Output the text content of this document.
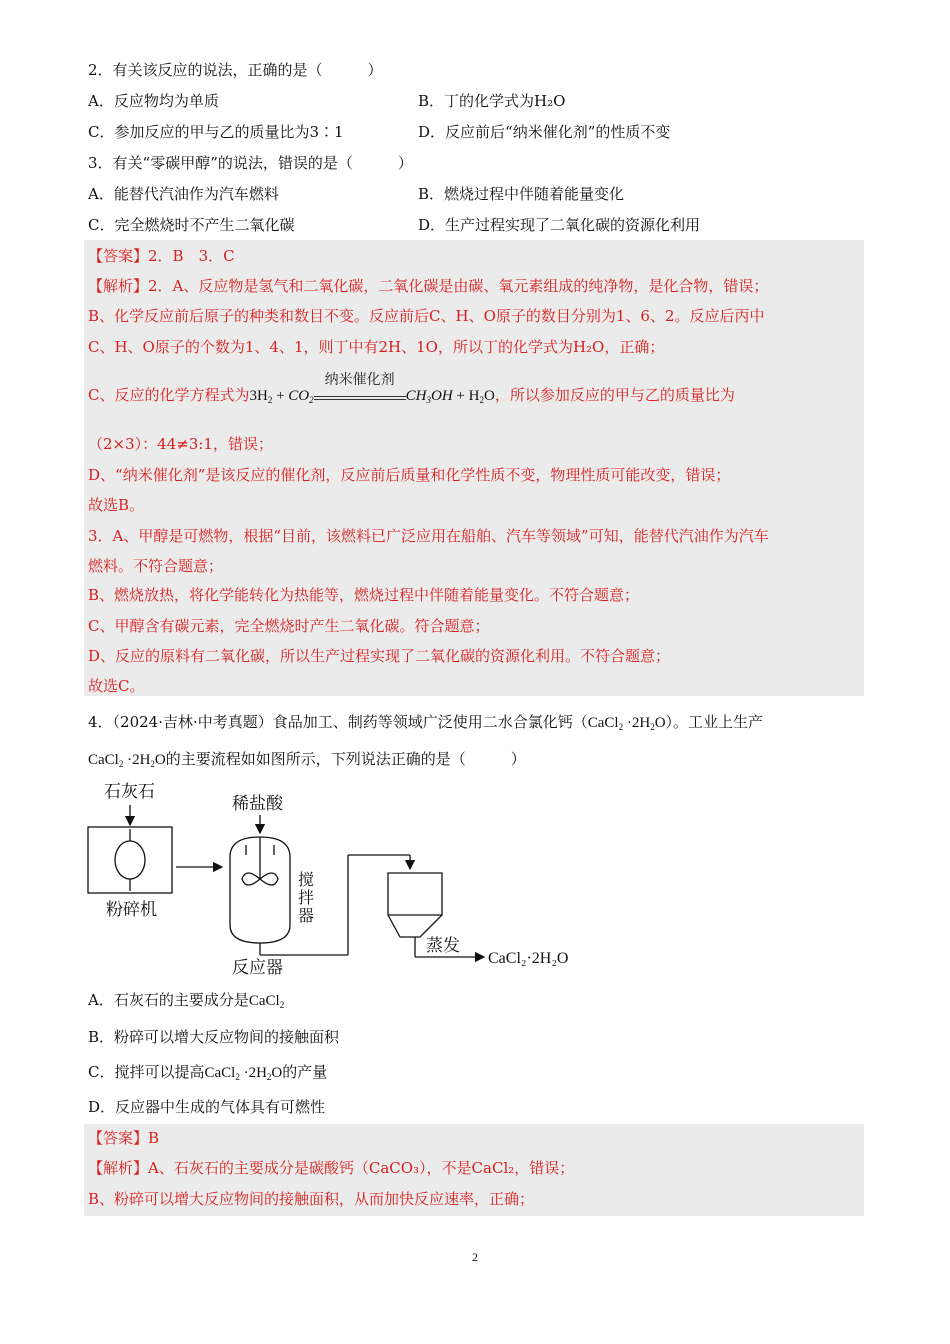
2．有关该反应的说法，正确的是（　　　）
A．反应物均为单质	B．丁的化学式为H₂O
C．参加反应的甲与乙的质量比为3∶1	D．反应前后“纳米催化剂”的性质不变
3．有关“零碳甲醇”的说法，错误的是（　　　）
A．能替代汽油作为汽车燃料	B．燃烧过程中伴随着能量变化
C．完全燃烧时不产生二氧化碳	D．生产过程实现了二氧化碳的资源化利用
【答案】2．B　3．C
【解析】2．A、反应物是氢气和二氧化碳，二氧化碳是由碳、氧元素组成的纯净物，是化合物，错误；
B、化学反应前后原子的种类和数目不变。反应前后C、H、O原子的数目分别为1、6、2。反应后丙中
C、H、O原子的个数为1、4、1，则丁中有2H、1O，所以丁的化学式为H₂O，正确；
C、反应的化学方程式为$3H_2 + CO_2$
纳米催化剂
$CH_3OH + H_2O$，所以参加反应的甲与乙的质量比为
（2×3）：44≠3:1，错误；
D、“纳米催化剂”是该反应的催化剂，反应前后质量和化学性质不变，物理性质可能改变，错误；
故选B。
3．A、甲醇是可燃物，根据“目前，该燃料已广泛应用在船舶、汽车等领域”可知，能替代汽油作为汽车
燃料。不符合题意；
B、燃烧放热，将化学能转化为热能等，燃烧过程中伴随着能量变化。不符合题意；
C、甲醇含有碳元素，完全燃烧时产生二氧化碳。符合题意；
D、反应的原料有二氧化碳，所以生产过程实现了二氧化碳的资源化利用。不符合题意；
故选C。
4．（2024·吉林·中考真题）食品加工、制药等领域广泛使用二水合氯化钙（CaCl$_2$ $\cdot 2H_2O$）。工业上生产
CaCl$_2$ $\cdot 2H_2O$的主要流程如如图所示，下列说法正确的是（　　　）
石灰石
粉碎机
稀盐酸
搅
拌
器
反应器
蒸发
CaCl₂·2H₂O
A．石灰石的主要成分是CaCl$_2$
B．粉碎可以增大反应物间的接触面积
C．搅拌可以提高CaCl$_2$ $\cdot 2H_2O$的产量
D．反应器中生成的气体具有可燃性
【答案】B
【解析】A、石灰石的主要成分是碳酸钙（CaCO₃），不是CaCl₂，错误；
B、粉碎可以增大反应物间的接触面积，从而加快反应速率，正确；
2
